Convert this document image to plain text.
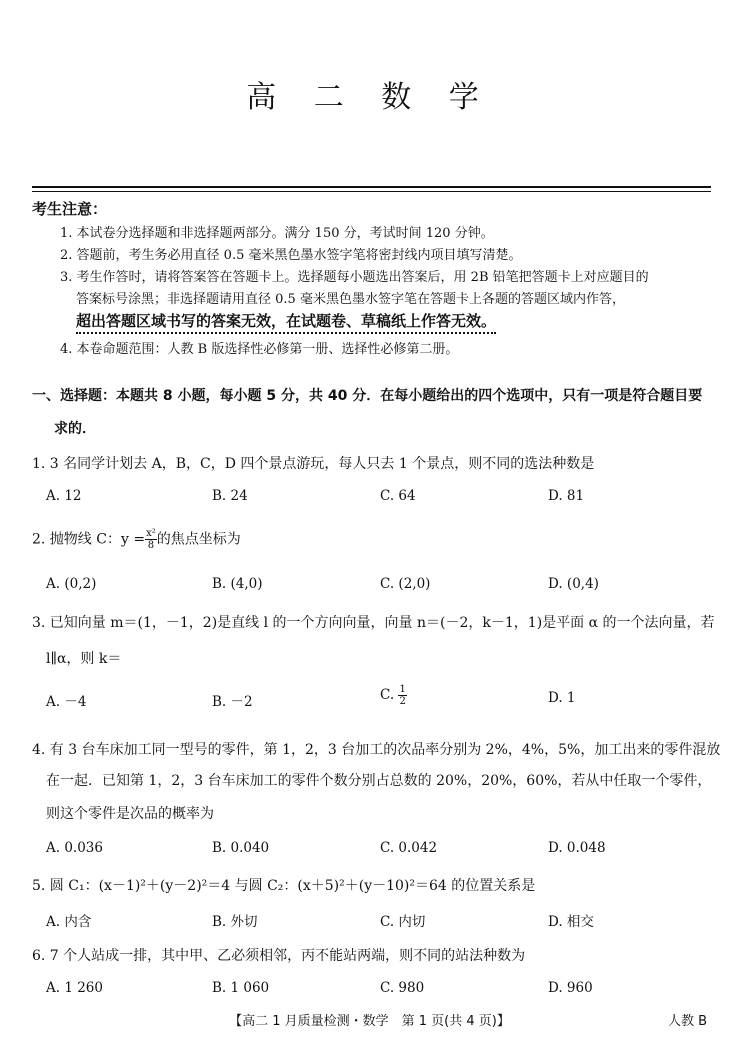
高 二 数 学
考生注意：
1. 本试卷分选择题和非选择题两部分。满分 150 分，考试时间 120 分钟。
2. 答题前，考生务必用直径 0.5 毫米黑色墨水签字笔将密封线内项目填写清楚。
3. 考生作答时，请将答案答在答题卡上。选择题每小题选出答案后，用 2B 铅笔把答题卡上对应题目的
答案标号涂黑；非选择题请用直径 0.5 毫米黑色墨水签字笔在答题卡上各题的答题区域内作答，
超出答题区域书写的答案无效，在试题卷、草稿纸上作答无效。
4. 本卷命题范围：人教 B 版选择性必修第一册、选择性必修第二册。
一、选择题：本题共 8 小题，每小题 5 分，共 40 分．在每小题给出的四个选项中，只有一项是符合题目要
求的．
1. 3 名同学计划去 A，B，C，D 四个景点游玩，每人只去 1 个景点，则不同的选法种数是
A. 12	B. 24	C. 64	D. 81
2. 抛物线 C：$y = \frac{\text{x²}}{8}$ 的焦点坐标为
A. (0,2)	B. (4,0)	C. (2,0)	D. (0,4)
3. 已知向量 m＝(1，－1，2)是直线 l 的一个方向向量，向量 n＝(－2，k－1，1)是平面 α 的一个法向量，若
l∥α，则 k＝
A. －4	B. －2	C. $\frac{1}{2}$	D. 1
4. 有 3 台车床加工同一型号的零件，第 1，2，3 台加工的次品率分别为 2%，4%，5%，加工出来的零件混放
在一起．已知第 1，2，3 台车床加工的零件个数分别占总数的 20%，20%，60%，若从中任取一个零件，
则这个零件是次品的概率为
A. 0.036	B. 0.040	C. 0.042	D. 0.048
5. 圆 C₁：(x－1)²＋(y－2)²＝4 与圆 C₂：(x＋5)²＋(y－10)²＝64 的位置关系是
A. 内含	B. 外切	C. 内切	D. 相交
6. 7 个人站成一排，其中甲、乙必须相邻，丙不能站两端，则不同的站法种数为
A. 1 260	B. 1 060	C. 980	D. 960
【高二 1 月质量检测・数学　第 1 页(共 4 页)】	人教 B
